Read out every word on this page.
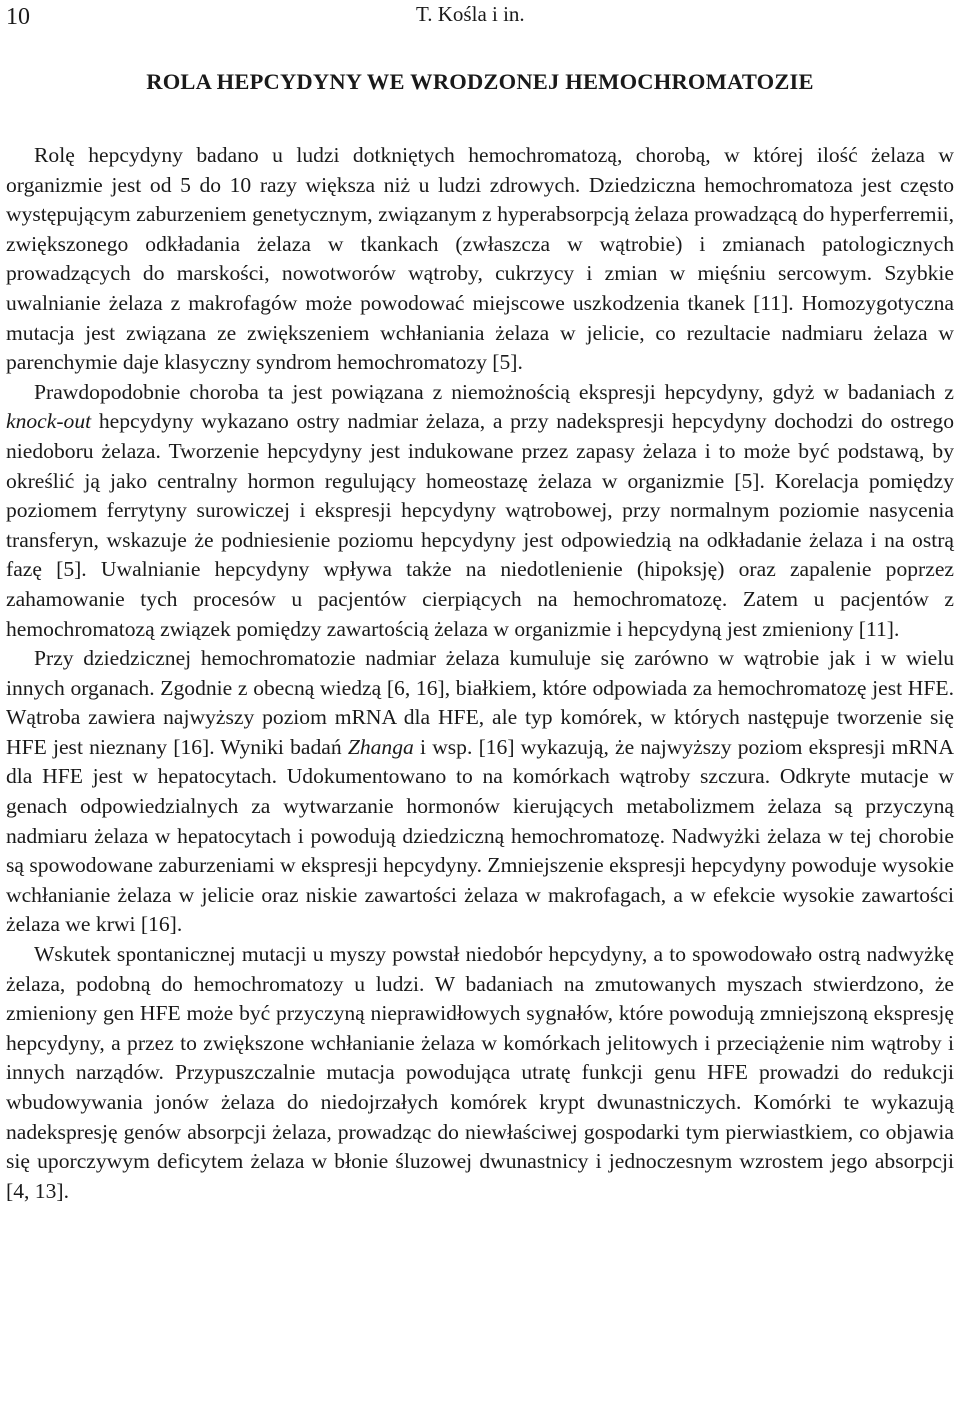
10	T. Kośla i in.
ROLA HEPCYDYNY WE WRODZONEJ HEMOCHROMATOZIE

Rolę hepcydyny badano u ludzi dotkniętych hemochromatozą, chorobą, w której ilość żelaza w organizmie jest od 5 do 10 razy większa niż u ludzi zdrowych. Dziedziczna hemochromatoza jest często występującym zaburzeniem genetycznym, związanym z hyperabsorpcją żelaza prowadzącą do hyperferremii, zwiększonego odkładania żelaza w tkankach (zwłaszcza w wątrobie) i zmianach patologicznych prowadzących do marskości, nowotworów wątroby, cukrzycy i zmian w mięśniu sercowym. Szybkie uwalnianie żelaza z makrofagów może powodować miejscowe uszkodzenia tkanek [11]. Homozygotyczna mutacja jest związana ze zwiększeniem wchłaniania żelaza w jelicie, co rezultacie nadmiaru żelaza w parenchymie daje klasyczny syndrom hemochromatozy [5].

Prawdopodobnie choroba ta jest powiązana z niemożnością ekspresji hepcydyny, gdyż w badaniach z knock-out hepcydyny wykazano ostry nadmiar żelaza, a przy nadekspresji hepcydyny dochodzi do ostrego niedoboru żelaza. Tworzenie hepcydyny jest indukowane przez zapasy żelaza i to może być podstawą, by określić ją jako centralny hormon regulujący homeostazę żelaza w organizmie [5]. Korelacja pomiędzy poziomem ferrytyny surowiczej i ekspresji hepcydyny wątrobowej, przy normalnym poziomie nasycenia transferyn, wskazuje że podniesienie poziomu hepcydyny jest odpowiedzią na odkładanie żelaza i na ostrą fazę [5]. Uwalnianie hepcydyny wpływa także na niedotlenienie (hipoksję) oraz zapalenie poprzez zahamowanie tych procesów u pacjentów cierpiących na hemochromatozę. Zatem u pacjentów z hemochromatozą związek pomiędzy zawartością żelaza w organizmie i hepcydyną jest zmieniony [11].

Przy dziedzicznej hemochromatozie nadmiar żelaza kumuluje się zarówno w wątrobie jak i w wielu innych organach. Zgodnie z obecną wiedzą [6, 16], białkiem, które odpowiada za hemochromatozę jest HFE. Wątroba zawiera najwyższy poziom mRNA dla HFE, ale typ komórek, w których następuje tworzenie się HFE jest nieznany [16]. Wyniki badań Zhanga i wsp. [16] wykazują, że najwyższy poziom ekspresji mRNA dla HFE jest w hepatocytach. Udokumentowano to na komórkach wątroby szczura. Odkryte mutacje w genach odpowiedzialnych za wytwarzanie hormonów kierujących metabolizmem żelaza są przyczyną nadmiaru żelaza w hepatocytach i powodują dziedziczną hemochromatozę. Nadwyżki żelaza w tej chorobie są spowodowane zaburzeniami w ekspresji hepcydyny. Zmniejszenie ekspresji hepcydyny powoduje wysokie wchłanianie żelaza w jelicie oraz niskie zawartości żelaza w makrofagach, a w efekcie wysokie zawartości żelaza we krwi [16].

Wskutek spontanicznej mutacji u myszy powstał niedobór hepcydyny, a to spowodowało ostrą nadwyżkę żelaza, podobną do hemochromatozy u ludzi. W badaniach na zmutowanych myszach stwierdzono, że zmieniony gen HFE może być przyczyną nieprawidłowych sygnałów, które powodują zmniejszoną ekspresję hepcydyny, a przez to zwiększone wchłanianie żelaza w komórkach jelitowych i przeciążenie nim wątroby i innych narządów. Przypuszczalnie mutacja powodująca utratę funkcji genu HFE prowadzi do redukcji wbudowywania jonów żelaza do niedojrzałych komórek krypt dwunastniczych. Komórki te wykazują nadekspresję genów absorpcji żelaza, prowadząc do niewłaściwej gospodarki tym pierwiastkiem, co objawia się uporczywym deficytem żelaza w błonie śluzowej dwunastnicy i jednoczesnym wzrostem jego absorpcji [4, 13].
